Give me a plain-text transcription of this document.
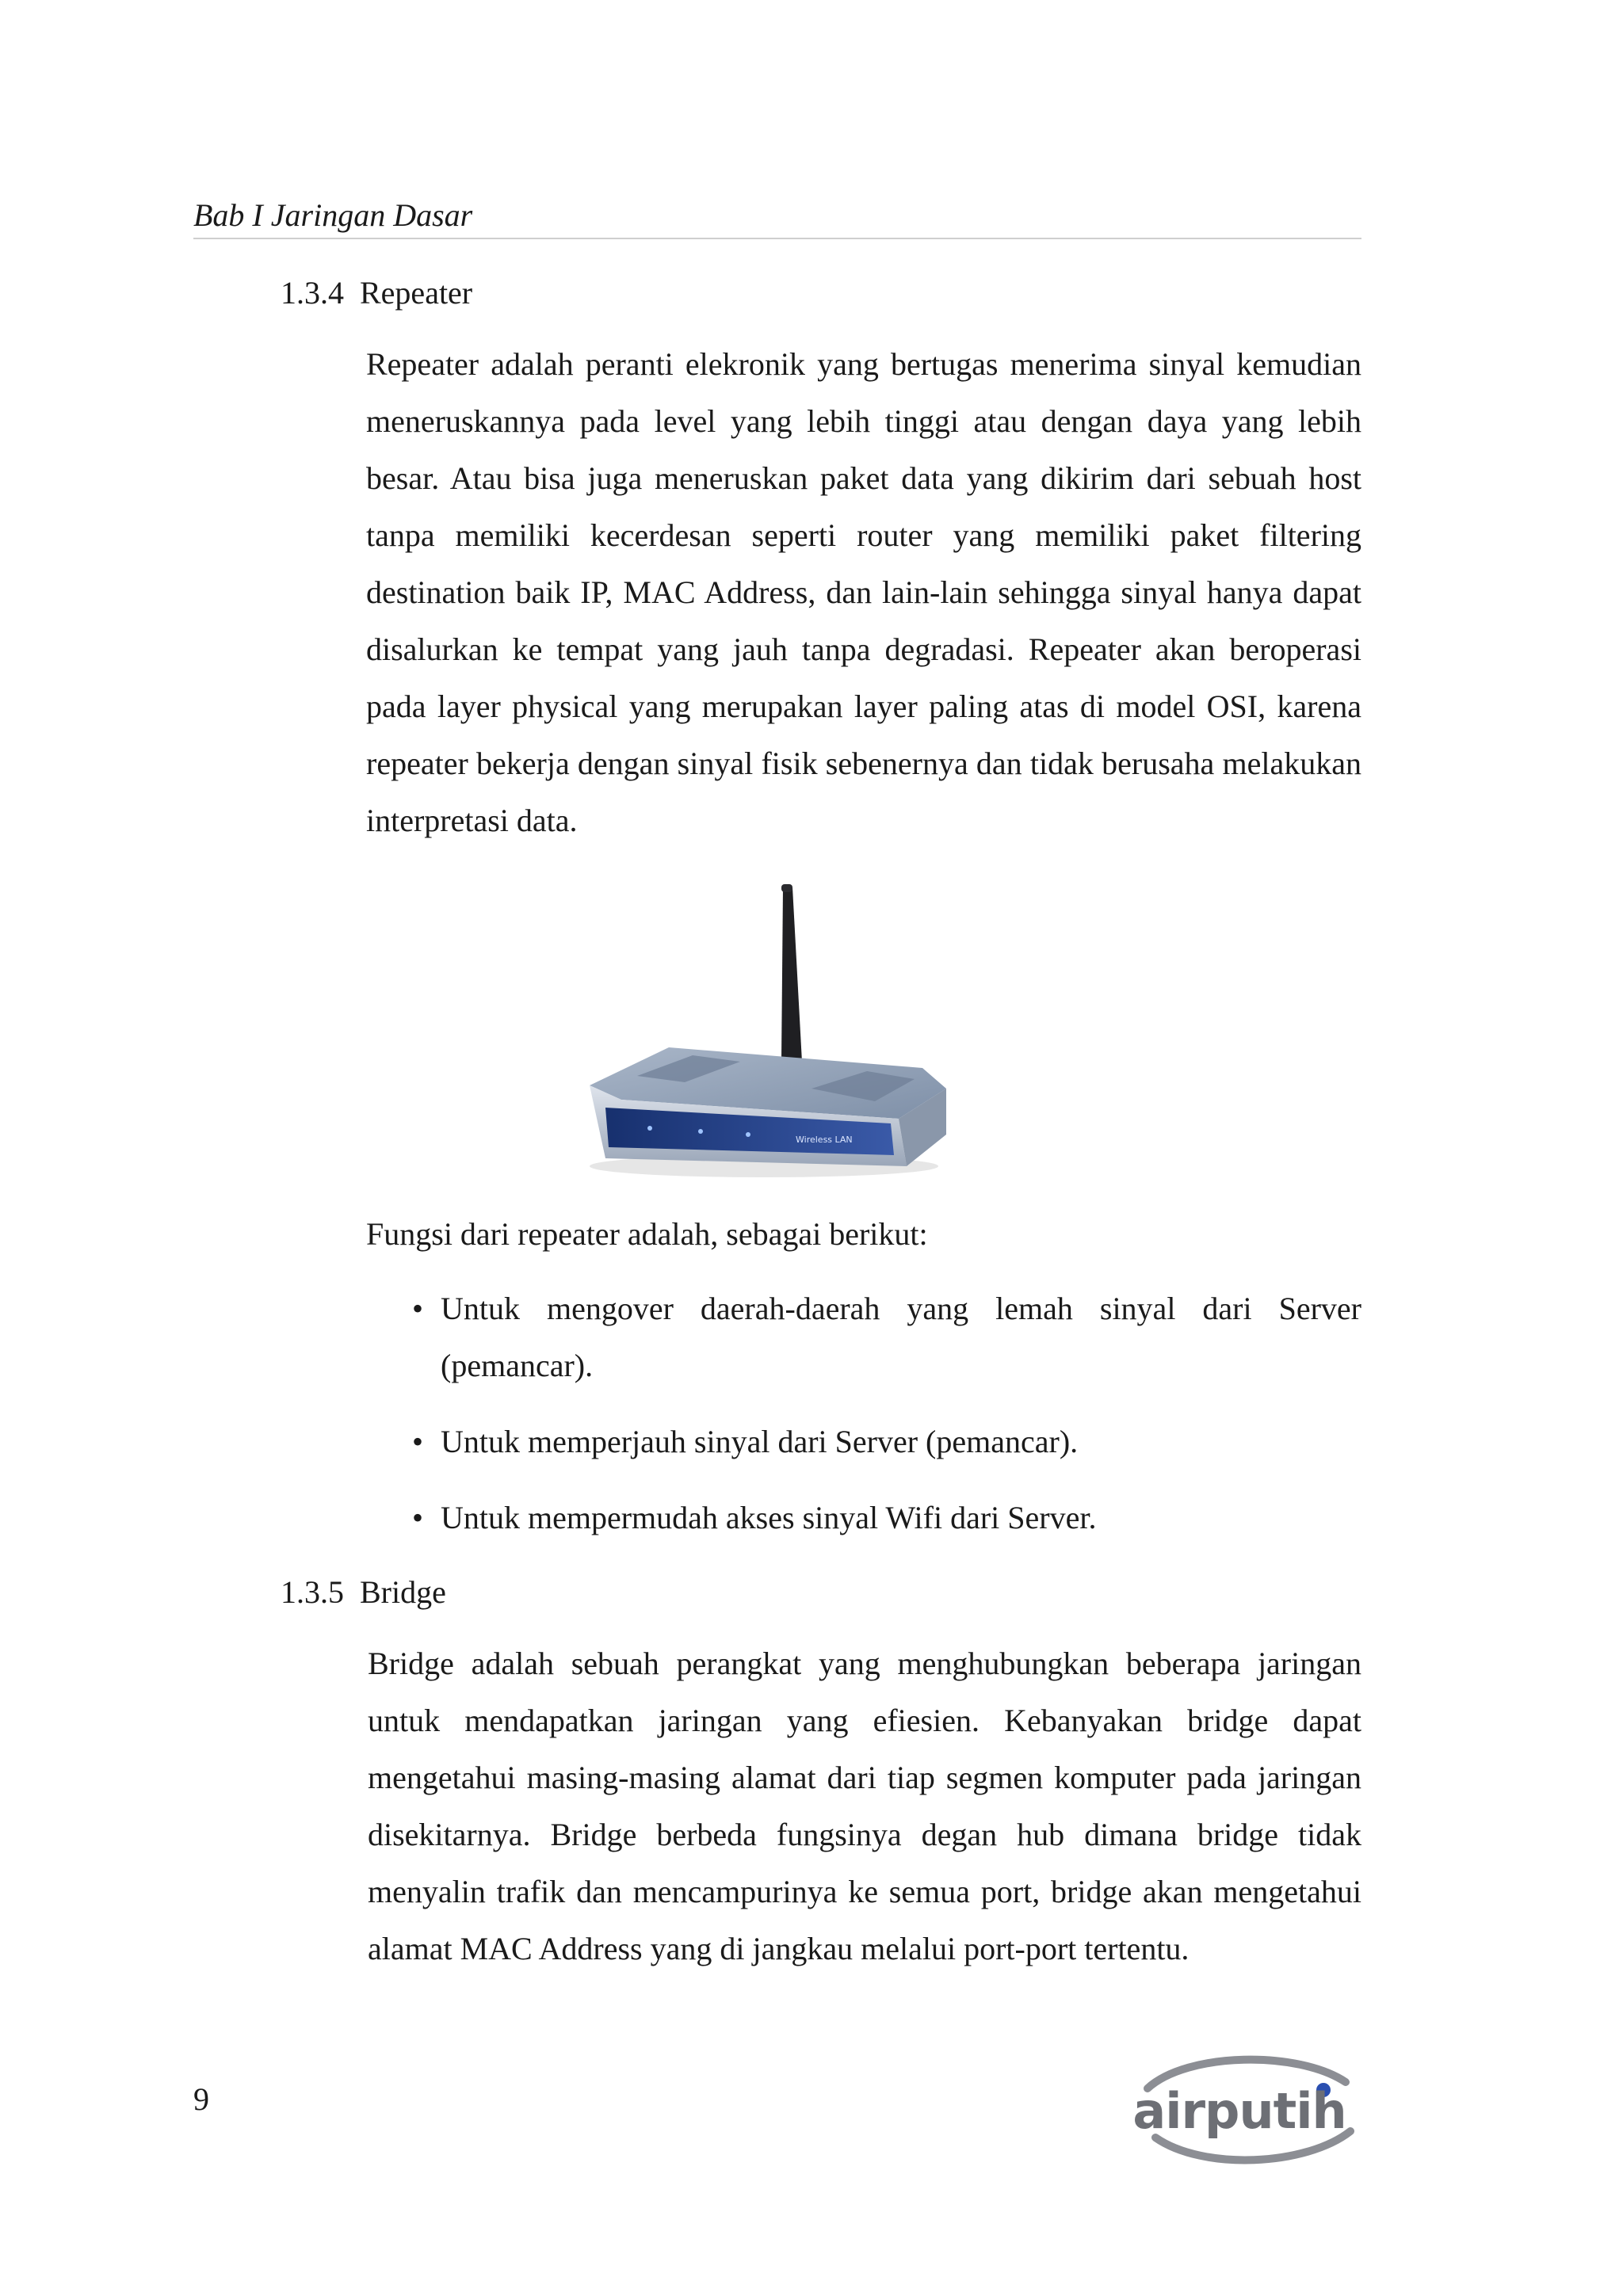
Bab I Jaringan Dasar
1.3.4 Repeater

Repeater adalah peranti elekronik yang bertugas menerima sinyal kemudian meneruskannya pada level yang lebih tinggi atau dengan daya yang lebih besar. Atau bisa juga meneruskan paket data yang dikirim dari sebuah host tanpa memiliki kecerdesan seperti router yang memiliki paket filtering destination baik IP, MAC Address, dan lain-lain sehingga sinyal hanya dapat disalurkan ke tempat yang jauh tanpa degradasi. Repeater akan beroperasi pada layer physical yang merupakan layer paling atas di model OSI, karena repeater bekerja dengan sinyal fisik sebenernya dan tidak berusaha melakukan interpretasi data.

Wireless LAN
Fungsi dari repeater adalah, sebagai berikut:
• Untuk mengover daerah-daerah yang lemah sinyal dari Server (pemancar).
• Untuk memperjauh sinyal dari Server (pemancar).
• Untuk mempermudah akses sinyal Wifi dari Server.
1.3.5 Bridge

Bridge adalah sebuah perangkat yang menghubungkan beberapa jaringan untuk mendapatkan jaringan yang efiesien. Kebanyakan bridge dapat mengetahui masing-masing alamat dari tiap segmen komputer pada jaringan disekitarnya. Bridge berbeda fungsinya degan hub dimana bridge tidak menyalin trafik dan mencampurinya ke semua port, bridge akan mengetahui alamat MAC Address yang di jangkau melalui port-port tertentu.

9	airputih
